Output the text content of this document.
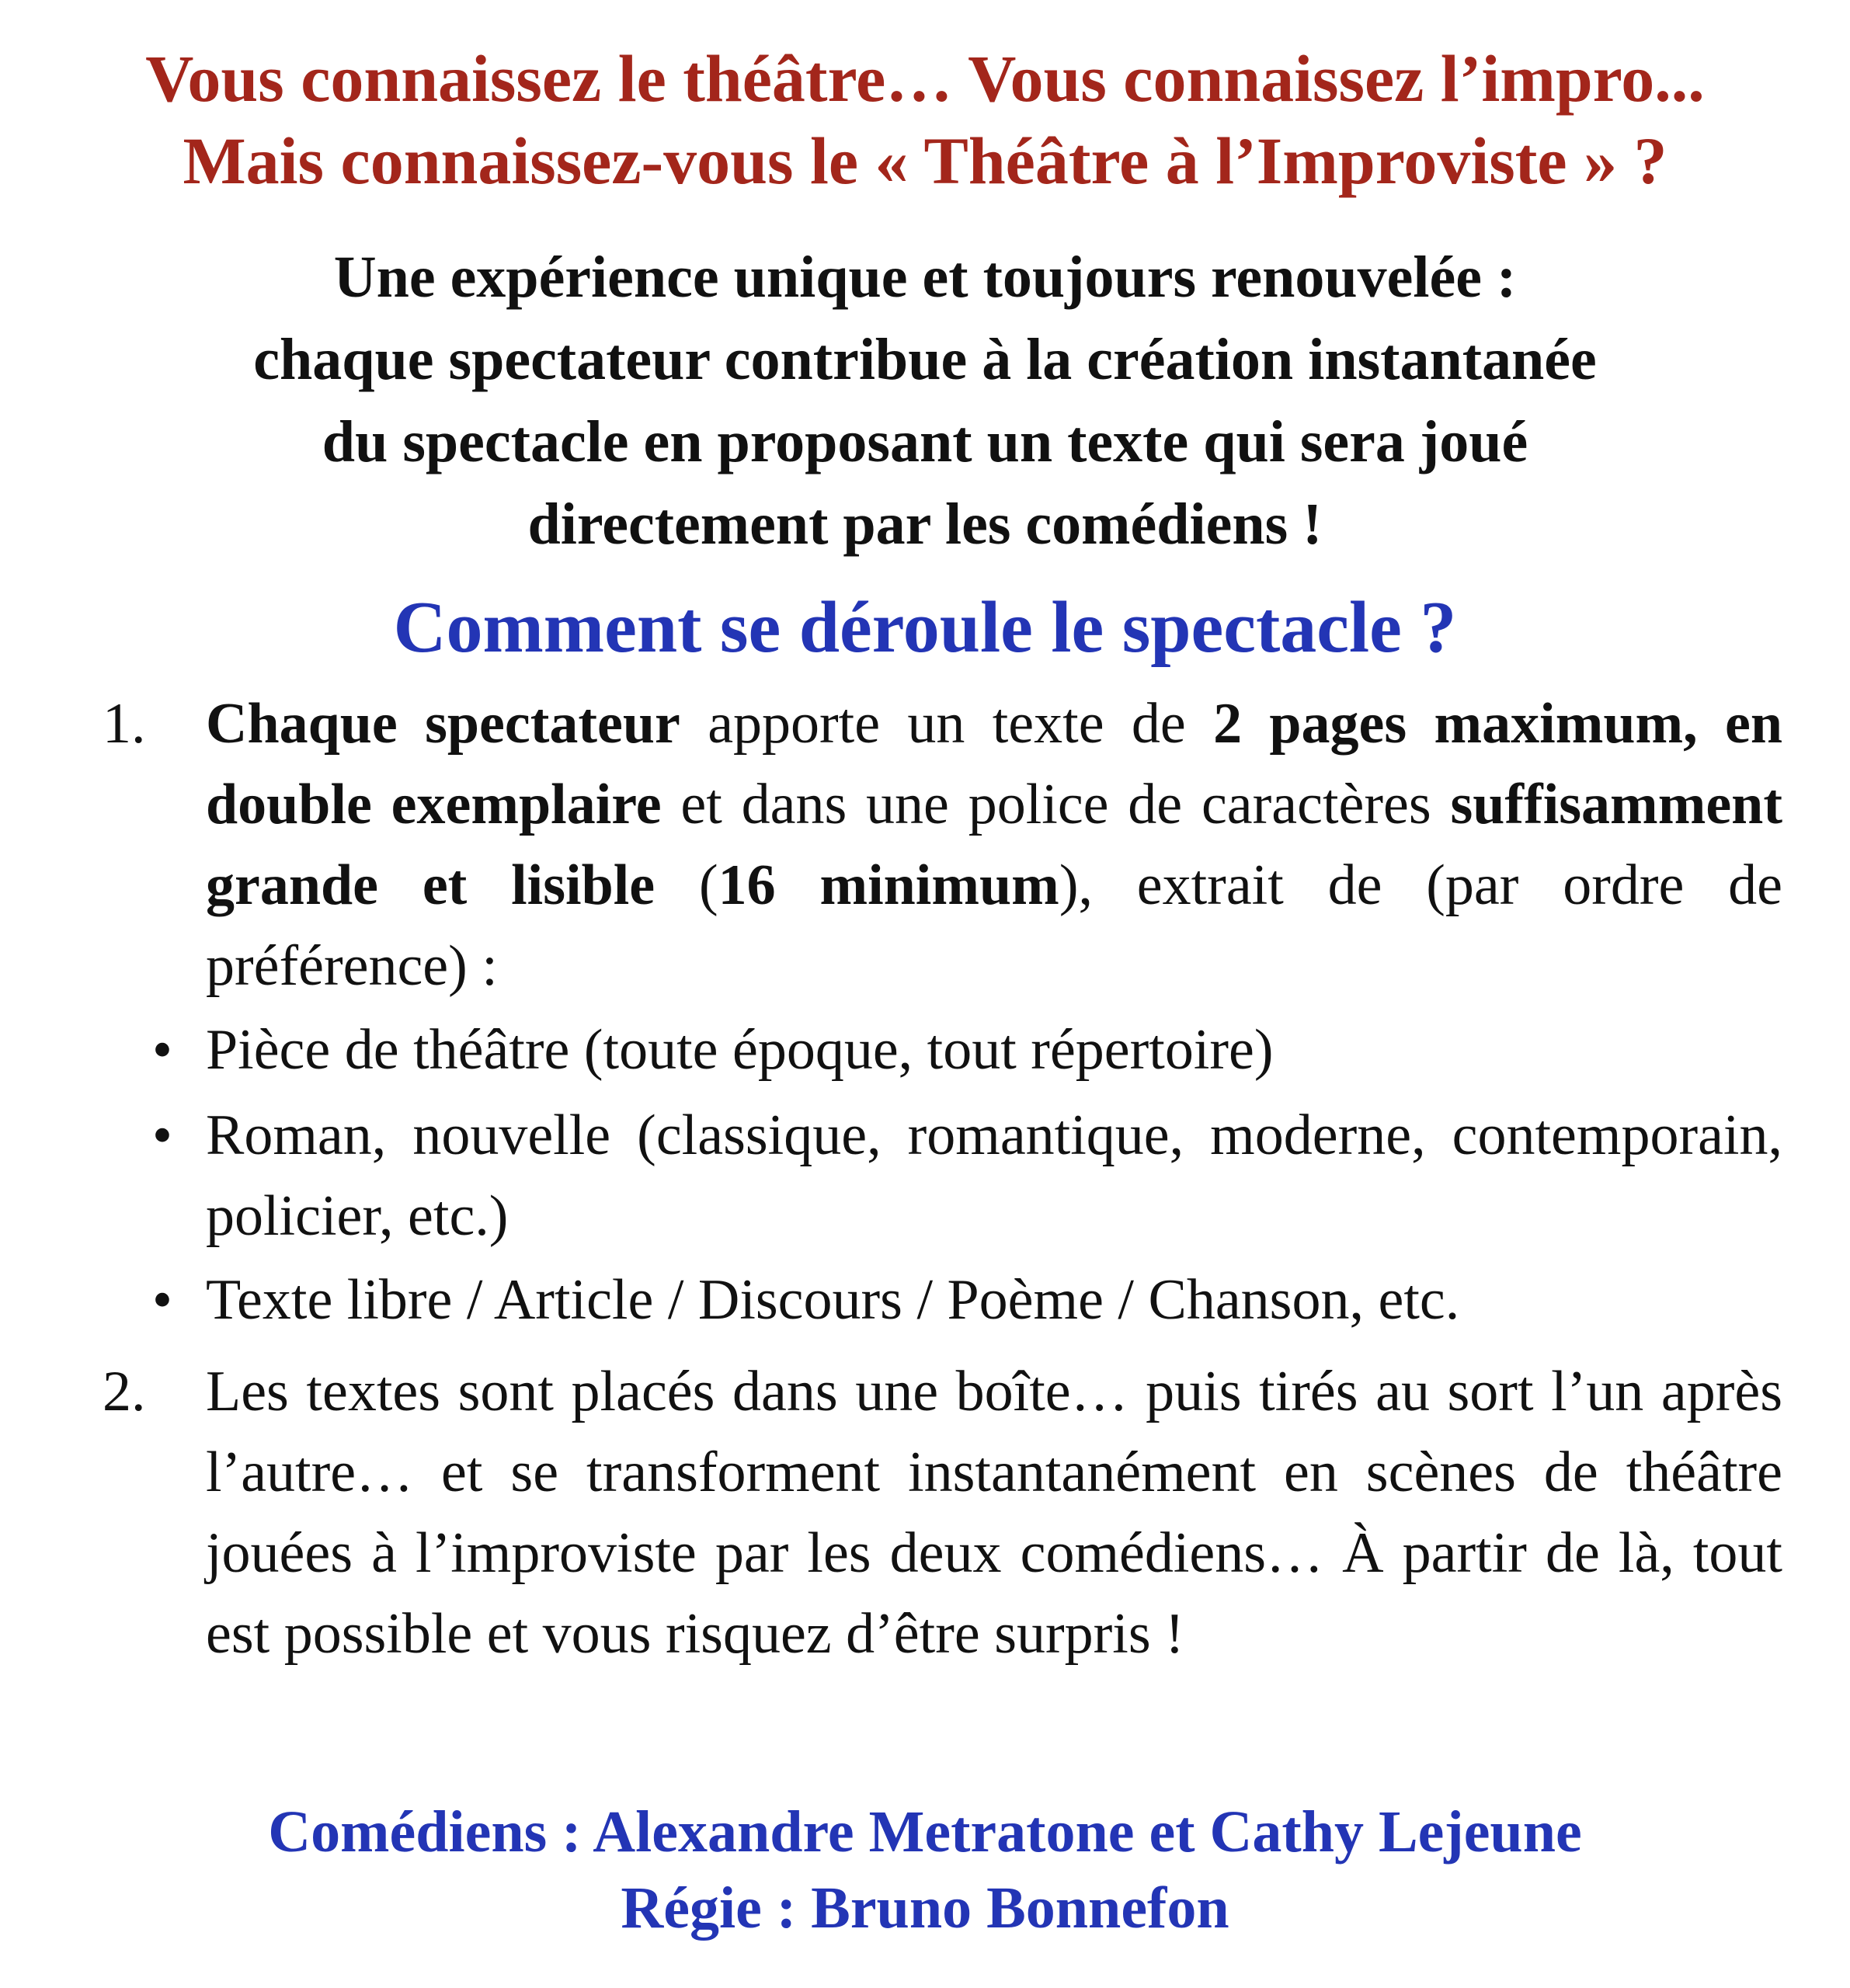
Vous connaissez le théâtre… Vous connaissez l’impro...
Mais connaissez-vous le « Théâtre à l’Improviste » ?
Une expérience unique et toujours renouvelée :
chaque spectateur contribue à la création instantanée
du spectacle en proposant un texte qui sera joué
directement par les comédiens !
Comment se déroule le spectacle ?
1. Chaque spectateur apporte un texte de 2 pages maximum, en double exemplaire et dans une police de caractères suffisamment grande et lisible (16 minimum), extrait de (par ordre de préférence) :
• Pièce de théâtre (toute époque, tout répertoire)
• Roman, nouvelle (classique, romantique, moderne, contemporain, policier, etc.)
• Texte libre / Article / Discours / Poème / Chanson, etc.
2. Les textes sont placés dans une boîte… puis tirés au sort l’un après l’autre… et se transforment instantanément en scènes de théâtre jouées à l’improviste par les deux comédiens… À partir de là, tout est possible et vous risquez d’être surpris !
Comédiens : Alexandre Metratone et Cathy Lejeune
Régie : Bruno Bonnefon
